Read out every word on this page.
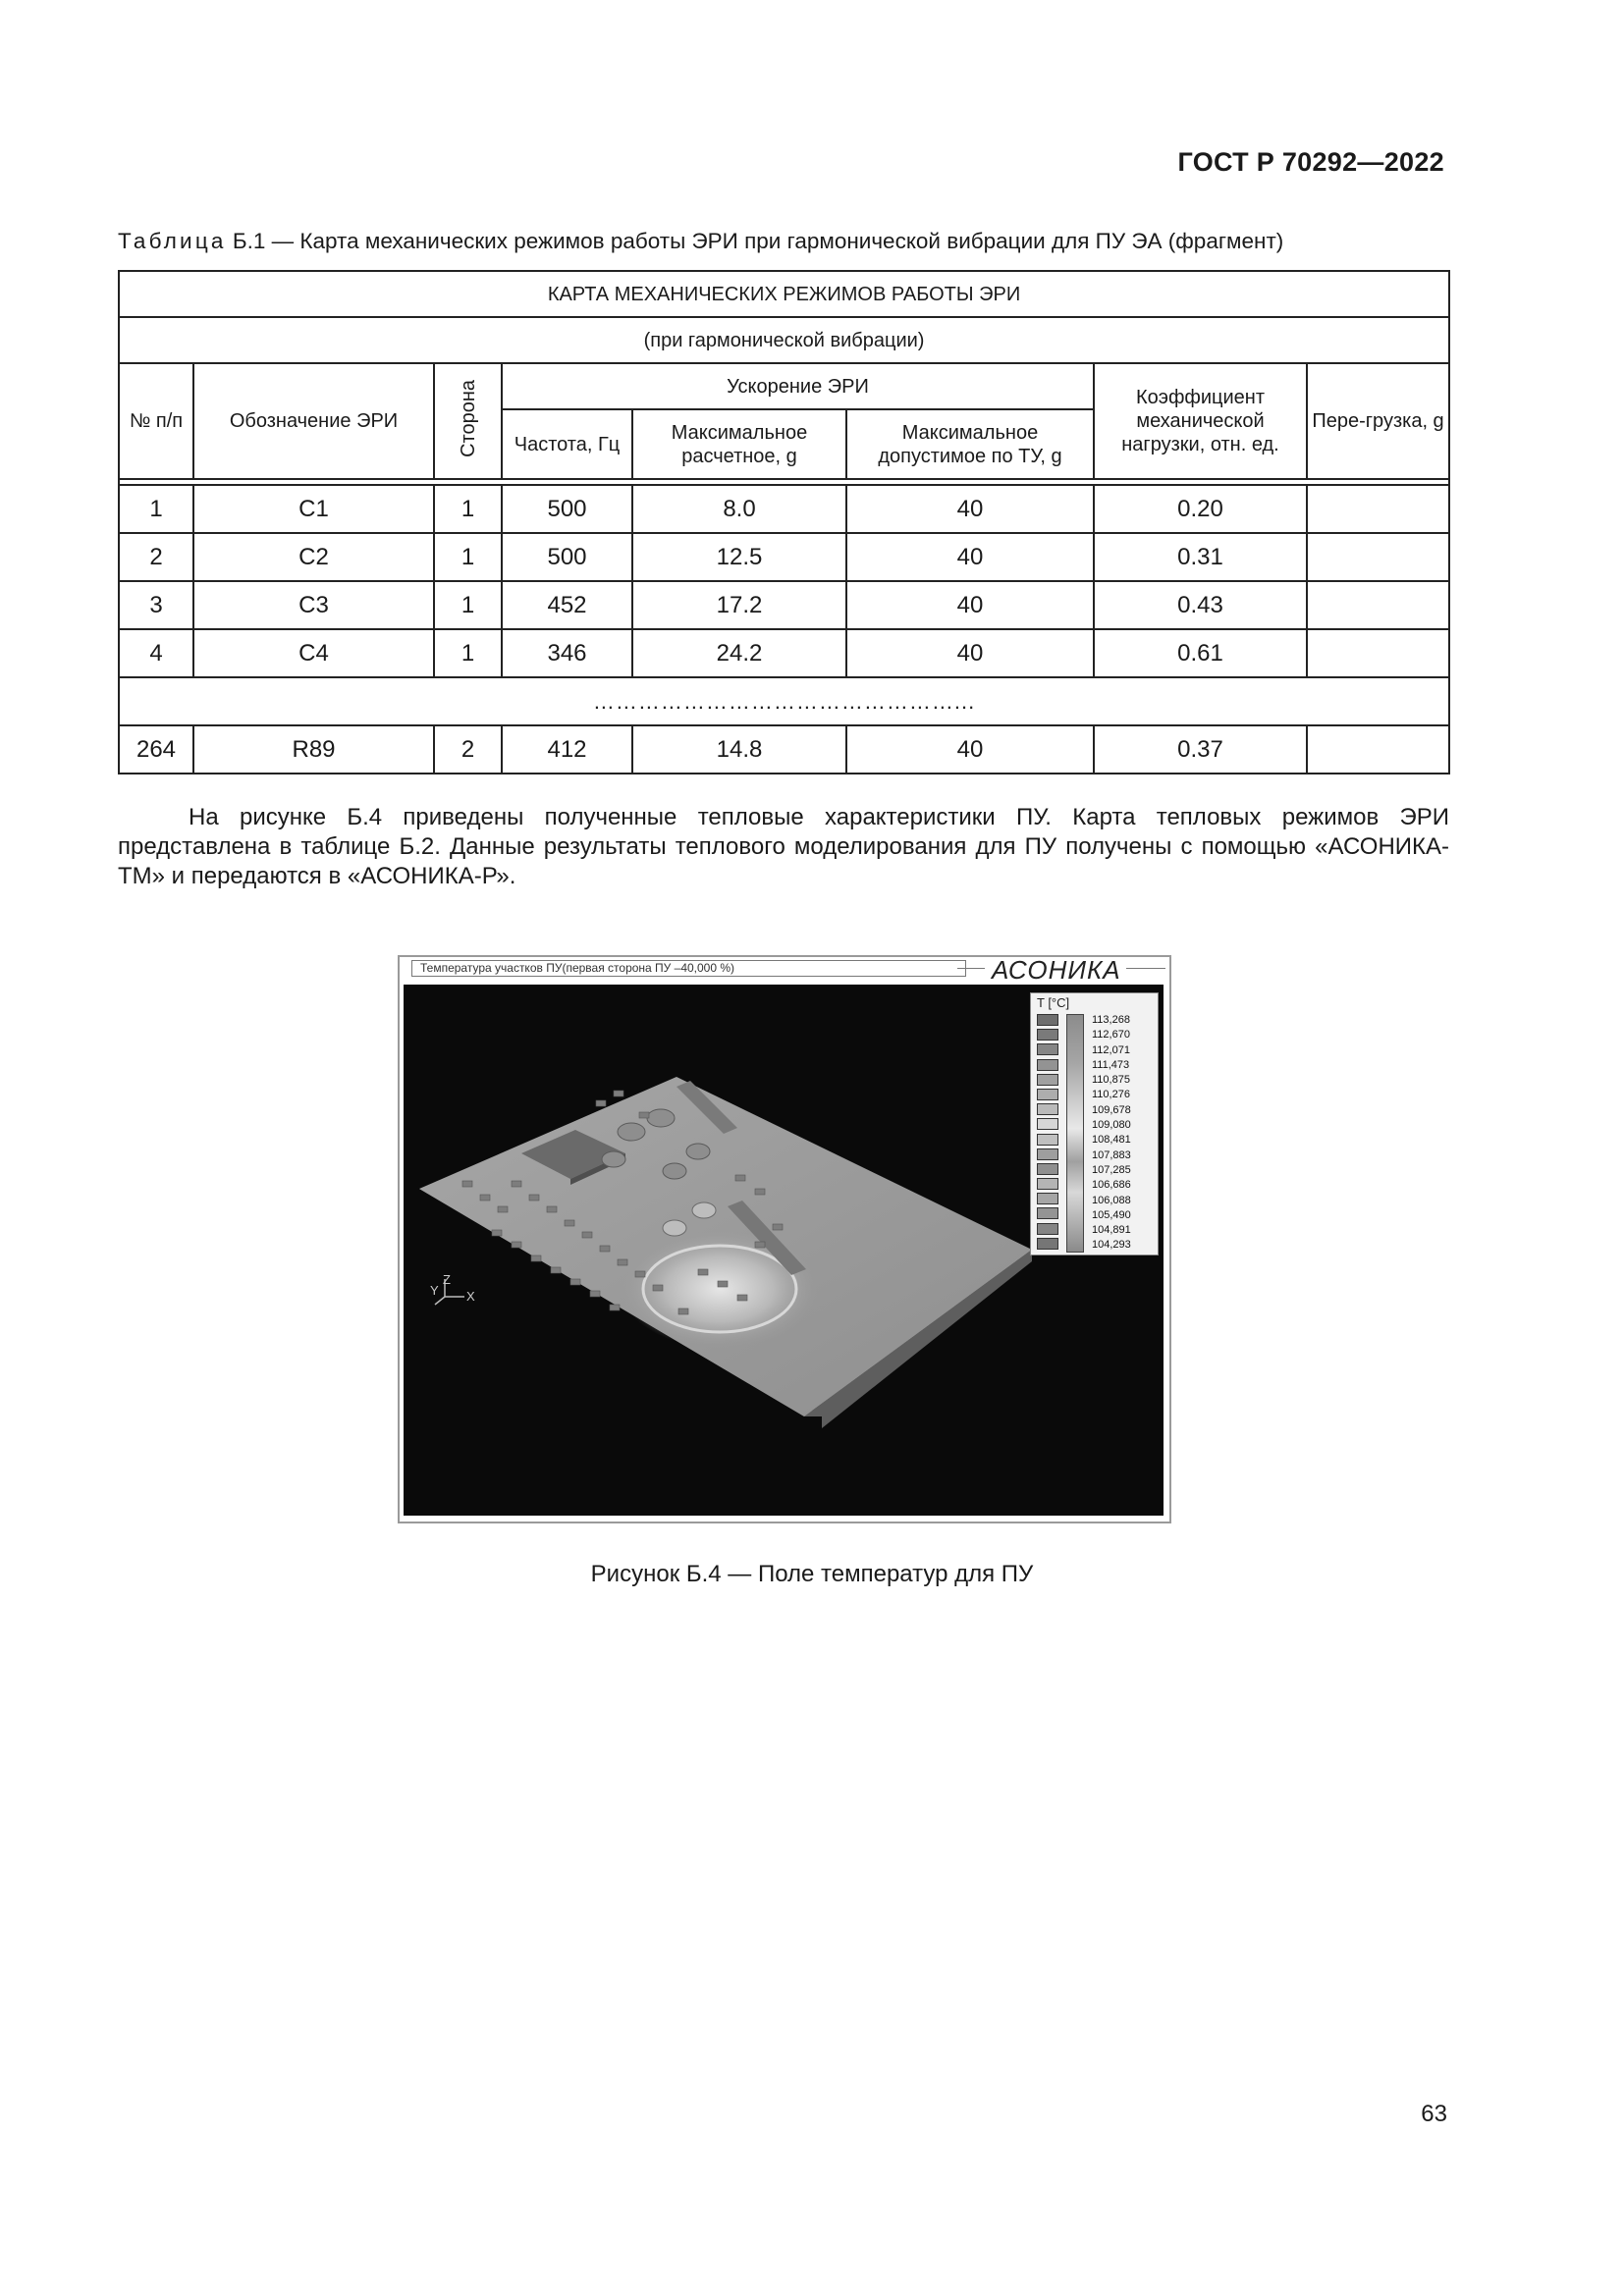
ГОСТ Р 70292—2022
Таблица Б.1 — Карта механических режимов работы ЭРИ при гармонической вибрации для ПУ ЭА (фрагмент)
КАРТА МЕХАНИЧЕСКИХ РЕЖИМОВ РАБОТЫ ЭРИ							
(при гармонической вибрации)							
№ п/п	Обозначение ЭРИ	Сторона	Ускорение ЭРИ			Коэффициент механической нагрузки, отн. ед.	Пере-грузка, g
			Частота, Гц	Максимальное расчетное, g	Максимальное допустимое по ТУ, g		

1	С1	1	500	8.0	40	0.20	
2	С2	1	500	12.5	40	0.31	
3	С3	1	452	17.2	40	0.43	
4	С4	1	346	24.2	40	0.61	
…………………………………………...							
264	R89	2	412	14.8	40	0.37	

На рисунке Б.4 приведены полученные тепловые характеристики ПУ. Карта тепловых режимов ЭРИ представлена в таблице Б.2. Данные результаты теплового моделирования для ПУ получены с помощью «АСОНИКА-ТМ» и передаются в «АСОНИКА-Р».

Температура участков ПУ(первая сторона ПУ –40,000 %)	АСОНИКА
Z
Y X
T [°C]
113,268
112,670
112,071
111,473
110,875
110,276
109,678
109,080
108,481
107,883
107,285
106,686
106,088
105,490
104,891
104,293
Рисунок Б.4 — Поле температур для ПУ
63
